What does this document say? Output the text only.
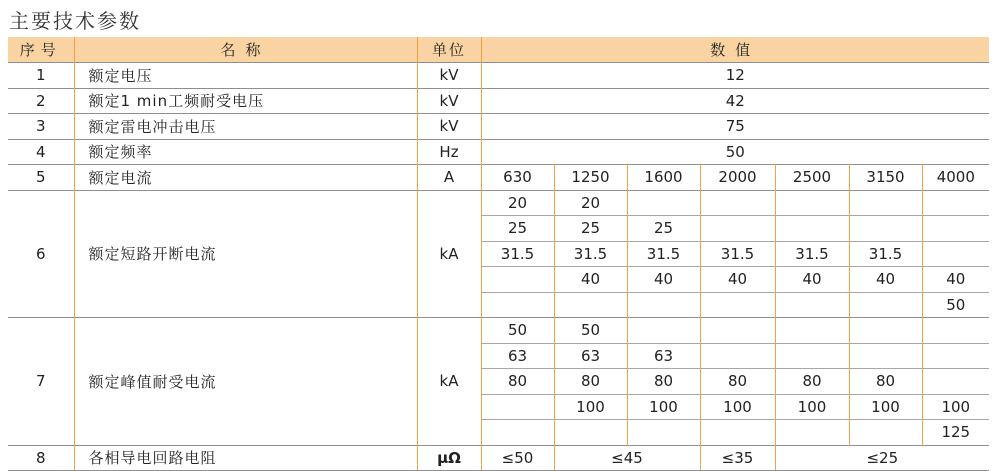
主要技术参数
序号	名称	单位	数值						
1	额定电压	kV	12						
2	额定1 min工频耐受电压	kV	42						
3	额定雷电冲击电压	kV	75						
4	额定频率	Hz	50						
5	额定电流	A	630	1250	1600	2000	2500	3150	4000
6	额定短路开断电流	kA	20	20					
			25	25	25				
			31.5	31.5	31.5	31.5	31.5	31.5	
				40	40	40	40	40	40
									50
7	额定峰值耐受电流	kA	50	50					
			63	63	63				
			80	80	80	80	80	80	
				100	100	100	100	100	100
									125
8	各相导电回路电阻	μΩ	≤50	≤45		≤35	≤25		
